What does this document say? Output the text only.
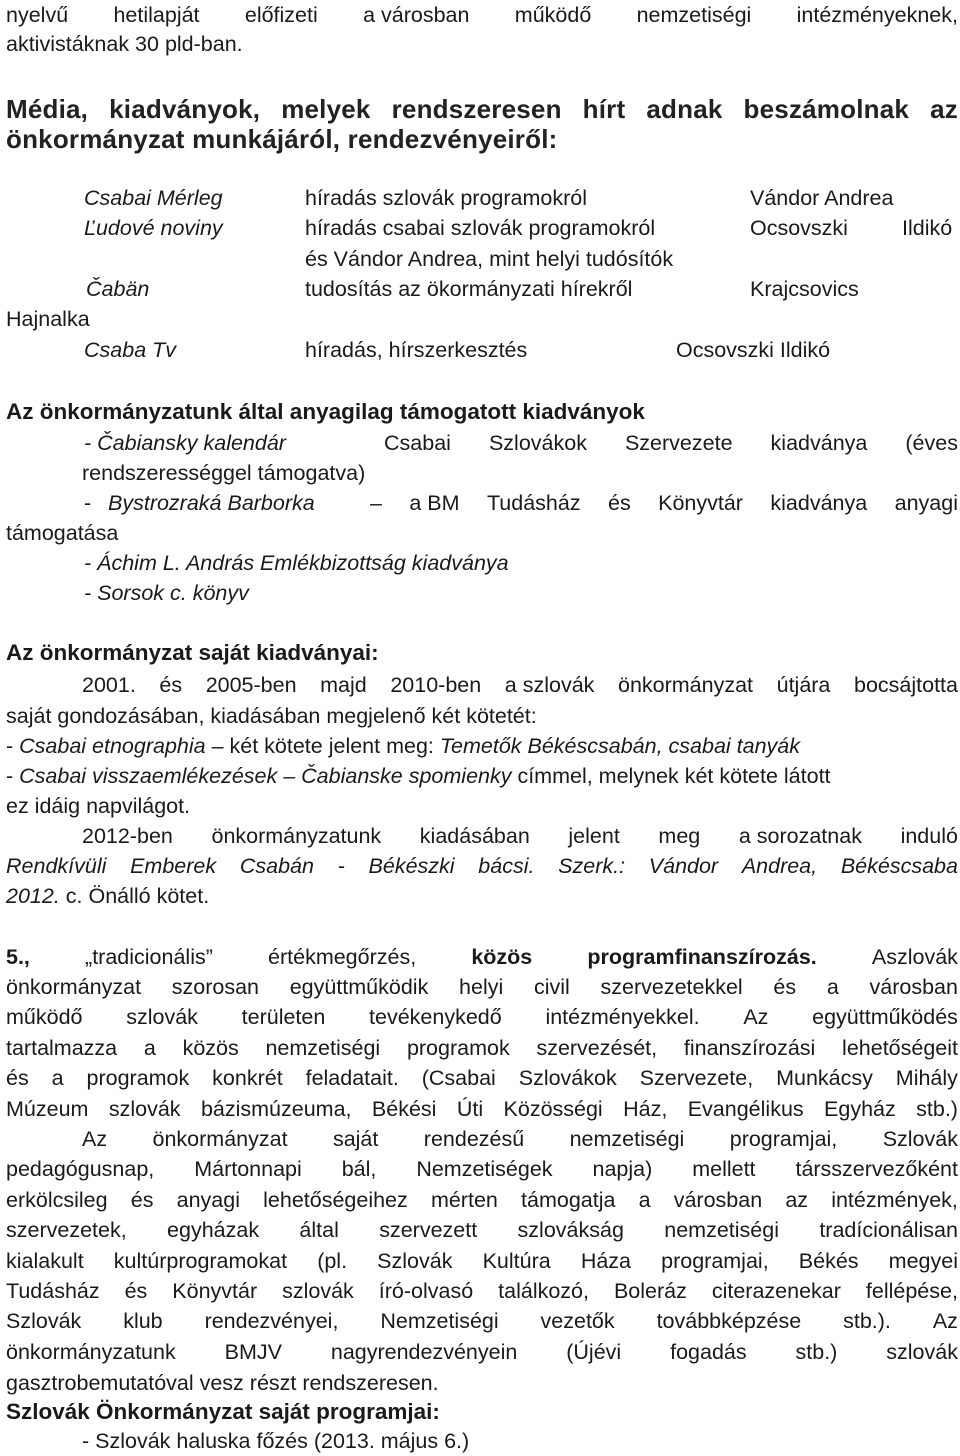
nyelvű hetilapját előfizeti a városban működő nemzetiségi intézményeknek,
aktivistáknak 30 pld-ban.
Média, kiadványok, melyek rendszeresen hírt adnak beszámolnak az
önkormányzat munkájáról, rendezvényeiről:
Csabai Mérleg	híradás szlovák programokról	Vándor Andrea
Ľudové noviny	híradás csabai szlovák programokról	Ocsovszki	Ildikó
és Vándor Andrea, mint helyi tudósítók
Čabän	tudosítás az ökormányzati hírekről	Krajcsovics
Hajnalka
Csaba Tv	híradás, hírszerkesztés	Ocsovszki Ildikó
Az önkormányzatunk által anyagilag támogatott kiadványok
- Čabiansky kalendár	Csabai Szlovákok Szervezete kiadványa (éves
rendszerességgel támogatva)
- Bystrozraká Barborka	– a BM Tudásház és Könyvtár kiadványa anyagi
támogatása
- Áchim L. András Emlékbizottság kiadványa
- Sorsok c. könyv
Az önkormányzat saját kiadványai:
2001. és 2005-ben majd 2010-ben a szlovák önkormányzat útjára bocsájtotta
saját gondozásában, kiadásában megjelenő két kötetét:
- Csabai etnographia – két kötete jelent meg: Temetők Békéscsabán, csabai tanyák
- Csabai visszaemlékezések – Čabianske spomienky címmel, melynek két kötete látott
ez idáig napvilágot.
2012-ben önkormányzatunk kiadásában jelent meg a sorozatnak induló
Rendkívüli Emberek Csabán - Békészki bácsi. Szerk.: Vándor Andrea, Békéscsaba
2012. c. Önálló kötet.
5.,	„tradicionális”	értékmegőrzés,	közös	programfinanszírozás.	Aszlovák
önkormányzat szorosan együttműködik helyi civil szervezetekkel és a városban
működő szlovák területen tevékenykedő intézményekkel. Az együttműködés
tartalmazza a közös nemzetiségi programok szervezését, finanszírozási lehetőségeit
és a programok konkrét feladatait. (Csabai Szlovákok Szervezete, Munkácsy Mihály
Múzeum szlovák bázismúzeuma, Békési Úti Közösségi Ház, Evangélikus Egyház stb.)
Az önkormányzat saját rendezésű nemzetiségi programjai, Szlovák
pedagógusnap, Mártonnapi bál, Nemzetiségek napja) mellett társszervezőként
erkölcsileg és anyagi lehetőségeihez mérten támogatja a városban az intézmények,
szervezetek, egyházak által szervezett szlovákság nemzetiségi tradícionálisan
kialakult kultúrprogramokat (pl. Szlovák Kultúra Háza programjai, Békés megyei
Tudásház és Könyvtár szlovák író-olvasó találkozó, Boleráz citerazenekar fellépése,
Szlovák klub rendezvényei, Nemzetiségi vezetők továbbképzése stb.). Az
önkormányzatunk BMJV nagyrendezvényein (Újévi fogadás stb.) szlovák
gasztrobemutatóval vesz részt rendszeresen.
Szlovák Önkormányzat saját programjai:
- Szlovák haluska főzés (2013. május 6.)
